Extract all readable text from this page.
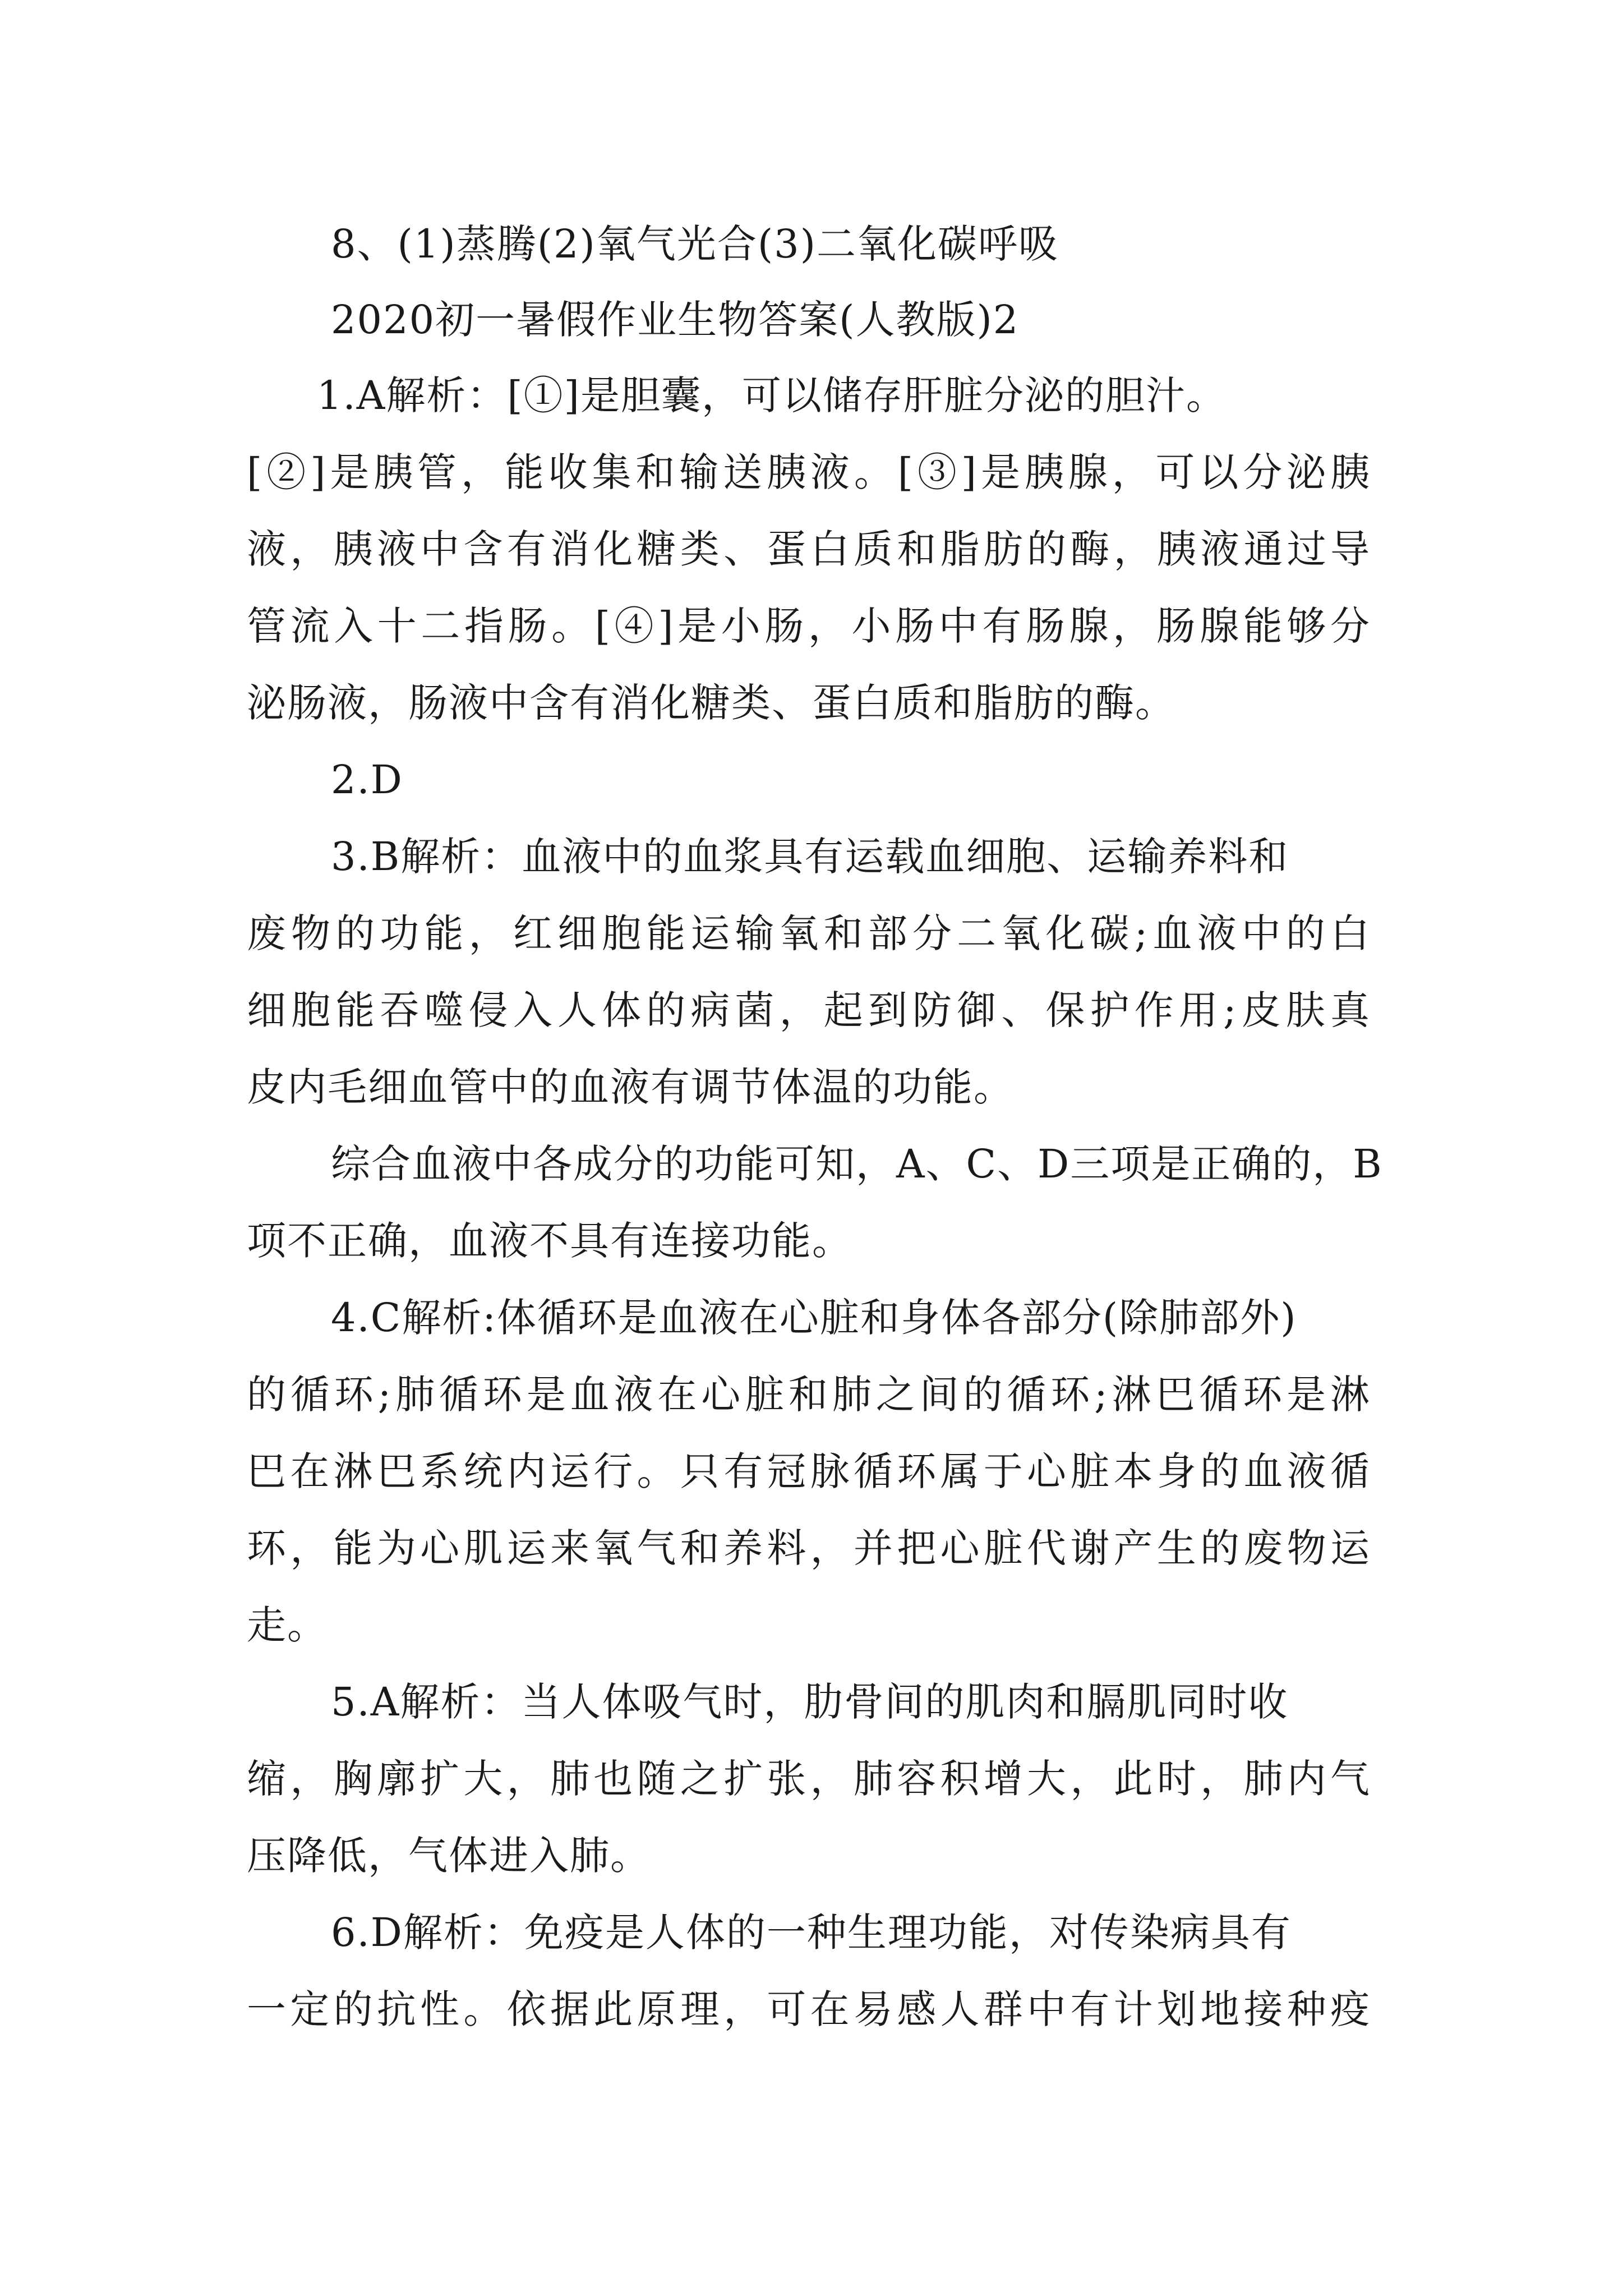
8、(1)蒸腾(2)氧气光合(3)二氧化碳呼吸
2020初一暑假作业生物答案(人教版)2
1.A解析：[①]是胆囊，可以储存肝脏分泌的胆汁。
[②]是胰管，能收集和输送胰液。[③]是胰腺，可以分泌胰
液，胰液中含有消化糖类、蛋白质和脂肪的酶，胰液通过导
管流入十二指肠。[④]是小肠，小肠中有肠腺，肠腺能够分
泌肠液，肠液中含有消化糖类、蛋白质和脂肪的酶。
2.D
3.B解析：血液中的血浆具有运载血细胞、运输养料和
废物的功能，红细胞能运输氧和部分二氧化碳;血液中的白
细胞能吞噬侵入人体的病菌，起到防御、保护作用;皮肤真
皮内毛细血管中的血液有调节体温的功能。
综合血液中各成分的功能可知，A、C、D三项是正确的，B
项不正确，血液不具有连接功能。
4.C解析:体循环是血液在心脏和身体各部分(除肺部外)
的循环;肺循环是血液在心脏和肺之间的循环;淋巴循环是淋
巴在淋巴系统内运行。只有冠脉循环属于心脏本身的血液循
环，能为心肌运来氧气和养料，并把心脏代谢产生的废物运
走。
5.A解析：当人体吸气时，肋骨间的肌肉和膈肌同时收
缩，胸廓扩大，肺也随之扩张，肺容积增大，此时，肺内气
压降低，气体进入肺。
6.D解析：免疫是人体的一种生理功能，对传染病具有
一定的抗性。依据此原理，可在易感人群中有计划地接种疫
